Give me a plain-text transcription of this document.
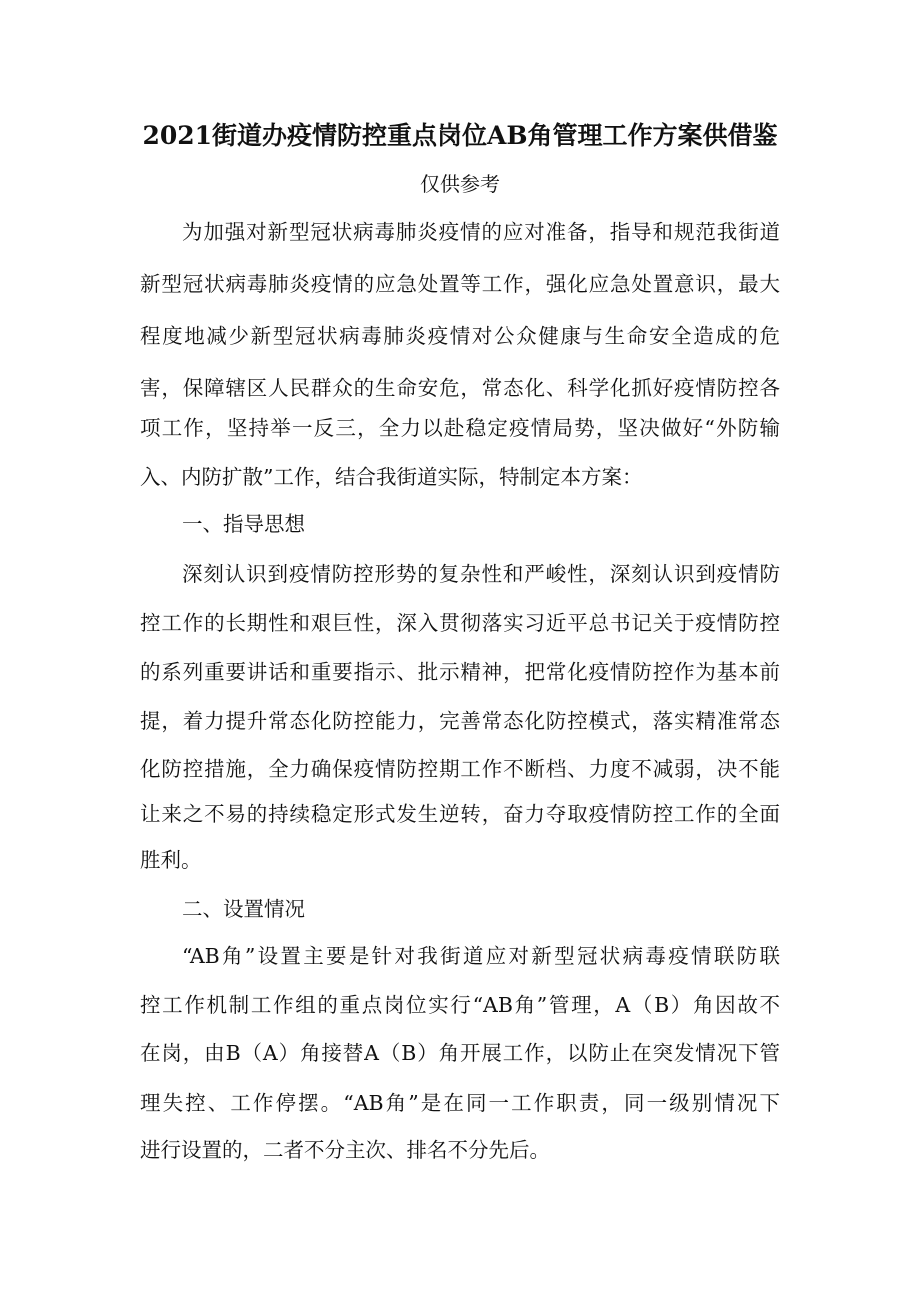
2021街道办疫情防控重点岗位AB角管理工作方案供借鉴
仅供参考
为加强对新型冠状病毒肺炎疫情的应对准备，指导和规范我街道
新型冠状病毒肺炎疫情的应急处置等工作，强化应急处置意识，最大
程度地减少新型冠状病毒肺炎疫情对公众健康与生命安全造成的危
害，保障辖区人民群众的生命安危，常态化、科学化抓好疫情防控各
项工作，坚持举一反三，全力以赴稳定疫情局势，坚决做好“外防输
入、内防扩散”工作，结合我街道实际，特制定本方案：
一、指导思想
深刻认识到疫情防控形势的复杂性和严峻性，深刻认识到疫情防
控工作的长期性和艰巨性，深入贯彻落实习近平总书记关于疫情防控
的系列重要讲话和重要指示、批示精神，把常化疫情防控作为基本前
提，着力提升常态化防控能力，完善常态化防控模式，落实精准常态
化防控措施，全力确保疫情防控期工作不断档、力度不减弱，决不能
让来之不易的持续稳定形式发生逆转，奋力夺取疫情防控工作的全面
胜利。
二、设置情况
“AB角”设置主要是针对我街道应对新型冠状病毒疫情联防联
控工作机制工作组的重点岗位实行“AB角”管理，A（B）角因故不
在岗，由B（A）角接替A（B）角开展工作，以防止在突发情况下管
理失控、工作停摆。“AB角”是在同一工作职责，同一级别情况下
进行设置的，二者不分主次、排名不分先后。
